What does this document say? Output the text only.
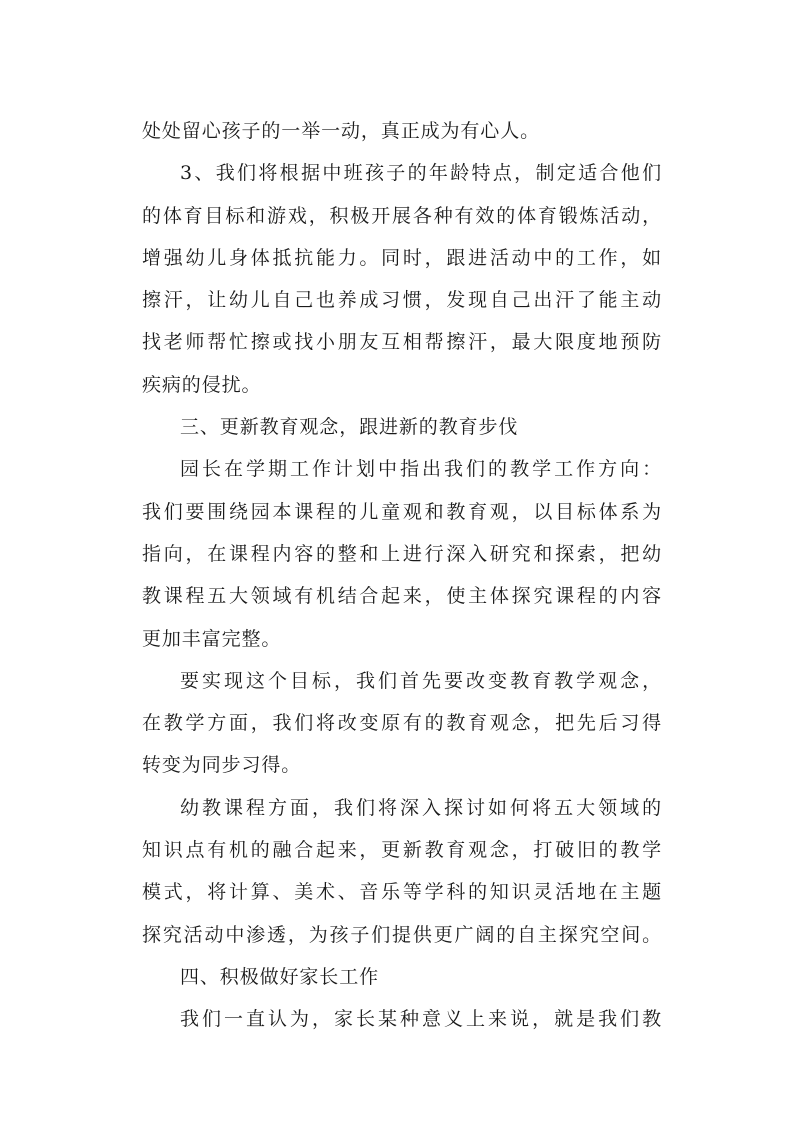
处处留心孩子的一举一动，真正成为有心人。
3、我们将根据中班孩子的年龄特点，制定适合他们
的体育目标和游戏，积极开展各种有效的体育锻炼活动，
增强幼儿身体抵抗能力。同时，跟进活动中的工作，如
擦汗，让幼儿自己也养成习惯，发现自己出汗了能主动
找老师帮忙擦或找小朋友互相帮擦汗，最大限度地预防
疾病的侵扰。
三、更新教育观念，跟进新的教育步伐
园长在学期工作计划中指出我们的教学工作方向：
我们要围绕园本课程的儿童观和教育观，以目标体系为
指向，在课程内容的整和上进行深入研究和探索，把幼
教课程五大领域有机结合起来，使主体探究课程的内容
更加丰富完整。
要实现这个目标，我们首先要改变教育教学观念，
在教学方面，我们将改变原有的教育观念，把先后习得
转变为同步习得。
幼教课程方面，我们将深入探讨如何将五大领域的
知识点有机的融合起来，更新教育观念，打破旧的教学
模式，将计算、美术、音乐等学科的知识灵活地在主题
探究活动中渗透，为孩子们提供更广阔的自主探究空间。
四、积极做好家长工作
我们一直认为，家长某种意义上来说，就是我们教
